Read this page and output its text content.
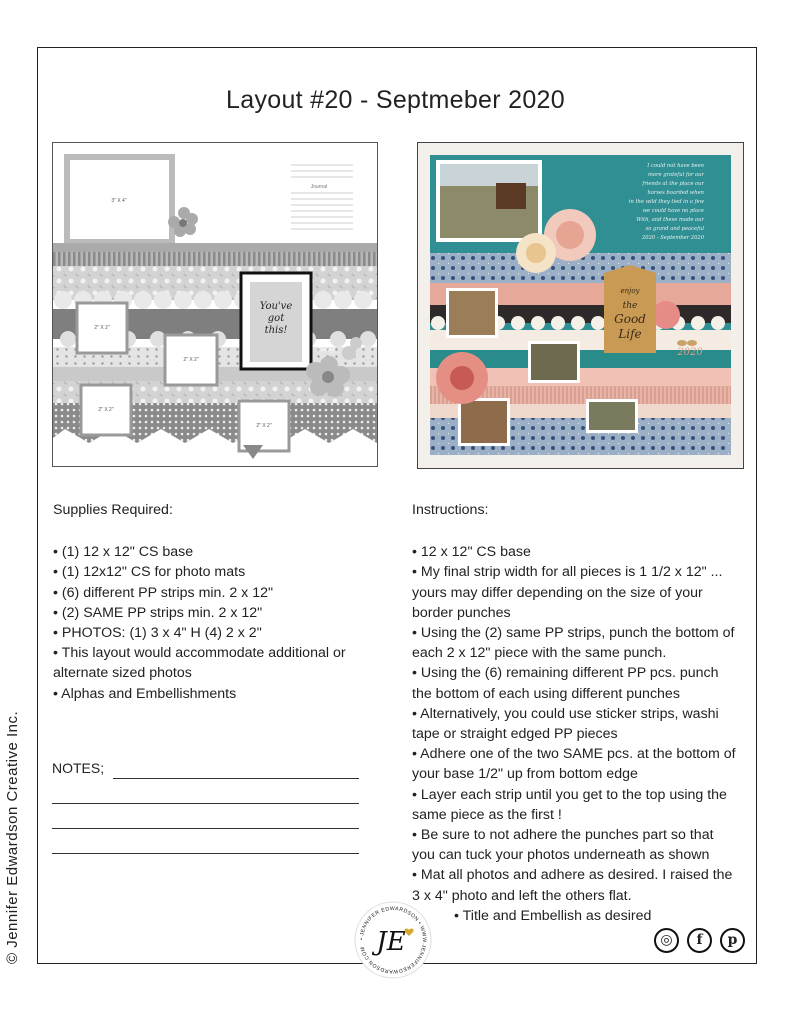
Layout #20 - Septmeber 2020
3" X 4"
Journal
2" X 2"
2" X 2"
2" X 2"
2" X 2"
You've
got
this!
today
I could not have been
more grateful for our
friends at the place our
horses boarded when
in the wild they tied in a few
we could have no place
With, and these made our
so grand and peaceful
2020 - September 2020
enjoy
the
Good
Life
2020
Supplies Required:
• (1) 12 x 12" CS base
• (1) 12x12" CS for photo mats
• (6) different PP strips min. 2 x 12"
• (2) SAME PP strips min. 2 x 12"
• PHOTOS: (1) 3 x 4" H (4) 2 x 2"
• This layout would accommodate additional or alternate sized photos
• Alphas and Embellishments
NOTES;
Instructions:
• 12 x 12" CS base
• My final strip width for all pieces is 1 1/2 x 12" ... yours may differ depending on the size of your border punches
• Using the (2) same PP strips, punch the bottom of each 2 x 12" piece with the same punch.
• Using the (6) remaining different PP pcs. punch the bottom of each using different punches
• Alternatively, you could use sticker strips, washi tape or straight edged PP pieces
• Adhere one of the two SAME pcs. at the bottom of your base 1/2" up from bottom edge
• Layer each strip until you get to the top using the same piece as the first !
• Be sure to not adhere the punches part so that you can tuck your photos underneath as shown
• Mat all photos and adhere as desired. I raised the 3 x 4" photo and left the others flat.
• Title and Embellish as desired
© Jennifer Edwardson Creative Inc.	• JENNIFER EDWARDSON • WWW.JENNIFEREDWARDSON.COM JE	◎	f	p
